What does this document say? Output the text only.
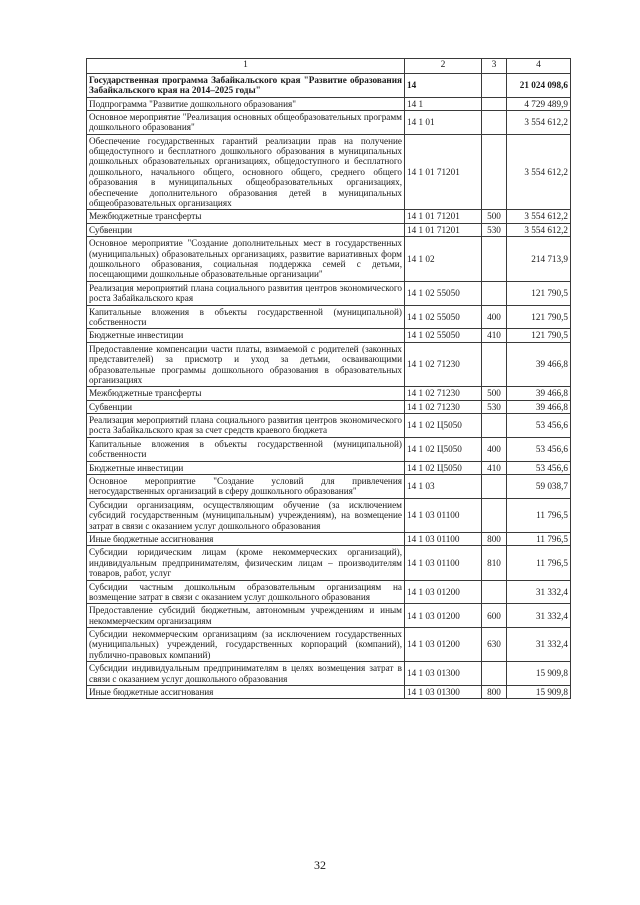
1	2	3	4
Государственная программа Забайкальского края "Развитие образования Забайкальского края на 2014–2025 годы"	14		21 024 098,6
Подпрограмма "Развитие дошкольного образования"	14 1		4 729 489,9
Основное мероприятие "Реализация основных общеобразовательных программ дошкольного образования"	14 1 01		3 554 612,2
Обеспечение государственных гарантий реализации прав на получение общедоступного и бесплатного дошкольного образования в муниципальных дошкольных образовательных организациях, общедоступного и бесплатного дошкольного, начального общего, основного общего, среднего общего образования в муниципальных общеобразовательных организациях, обеспечение дополнительного образования детей в муниципальных общеобразовательных организациях	14 1 01 71201		3 554 612,2
Межбюджетные трансферты	14 1 01 71201	500	3 554 612,2
Субвенции	14 1 01 71201	530	3 554 612,2
Основное мероприятие "Создание дополнительных мест в государственных (муниципальных) образовательных организациях, развитие вариативных форм дошкольного образования, социальная поддержка семей с детьми, посещающими дошкольные образовательные организации"	14 1 02		214 713,9
Реализация мероприятий плана социального развития центров экономического роста Забайкальского края	14 1 02 55050		121 790,5
Капитальные вложения в объекты государственной (муниципальной) собственности	14 1 02 55050	400	121 790,5
Бюджетные инвестиции	14 1 02 55050	410	121 790,5
Предоставление компенсации части платы, взимаемой с родителей (законных представителей) за присмотр и уход за детьми, осваивающими образовательные программы дошкольного образования в образовательных организациях	14 1 02 71230		39 466,8
Межбюджетные трансферты	14 1 02 71230	500	39 466,8
Субвенции	14 1 02 71230	530	39 466,8
Реализация мероприятий плана социального развития центров экономического роста Забайкальского края за счет средств краевого бюджета	14 1 02 Ц5050		53 456,6
Капитальные вложения в объекты государственной (муниципальной) собственности	14 1 02 Ц5050	400	53 456,6
Бюджетные инвестиции	14 1 02 Ц5050	410	53 456,6
Основное мероприятие "Создание условий для привлечения негосударственных организаций в сферу дошкольного образования"	14 1 03		59 038,7
Субсидии организациям, осуществляющим обучение (за исключением субсидий государственным (муниципальным) учреждениям), на возмещение затрат в связи с оказанием услуг дошкольного образования	14 1 03 01100		11 796,5
Иные бюджетные ассигнования	14 1 03 01100	800	11 796,5
Субсидии юридическим лицам (кроме некоммерческих организаций), индивидуальным предпринимателям, физическим лицам – производителям товаров, работ, услуг	14 1 03 01100	810	11 796,5
Субсидии частным дошкольным образовательным организациям на возмещение затрат в связи с оказанием услуг дошкольного образования	14 1 03 01200		31 332,4
Предоставление субсидий бюджетным, автономным учреждениям и иным некоммерческим организациям	14 1 03 01200	600	31 332,4
Субсидии некоммерческим организациям (за исключением государственных (муниципальных) учреждений, государственных корпораций (компаний), публично-правовых компаний)	14 1 03 01200	630	31 332,4
Субсидии индивидуальным предпринимателям в целях возмещения затрат в связи с оказанием услуг дошкольного образования	14 1 03 01300		15 909,8
Иные бюджетные ассигнования	14 1 03 01300	800	15 909,8
32
